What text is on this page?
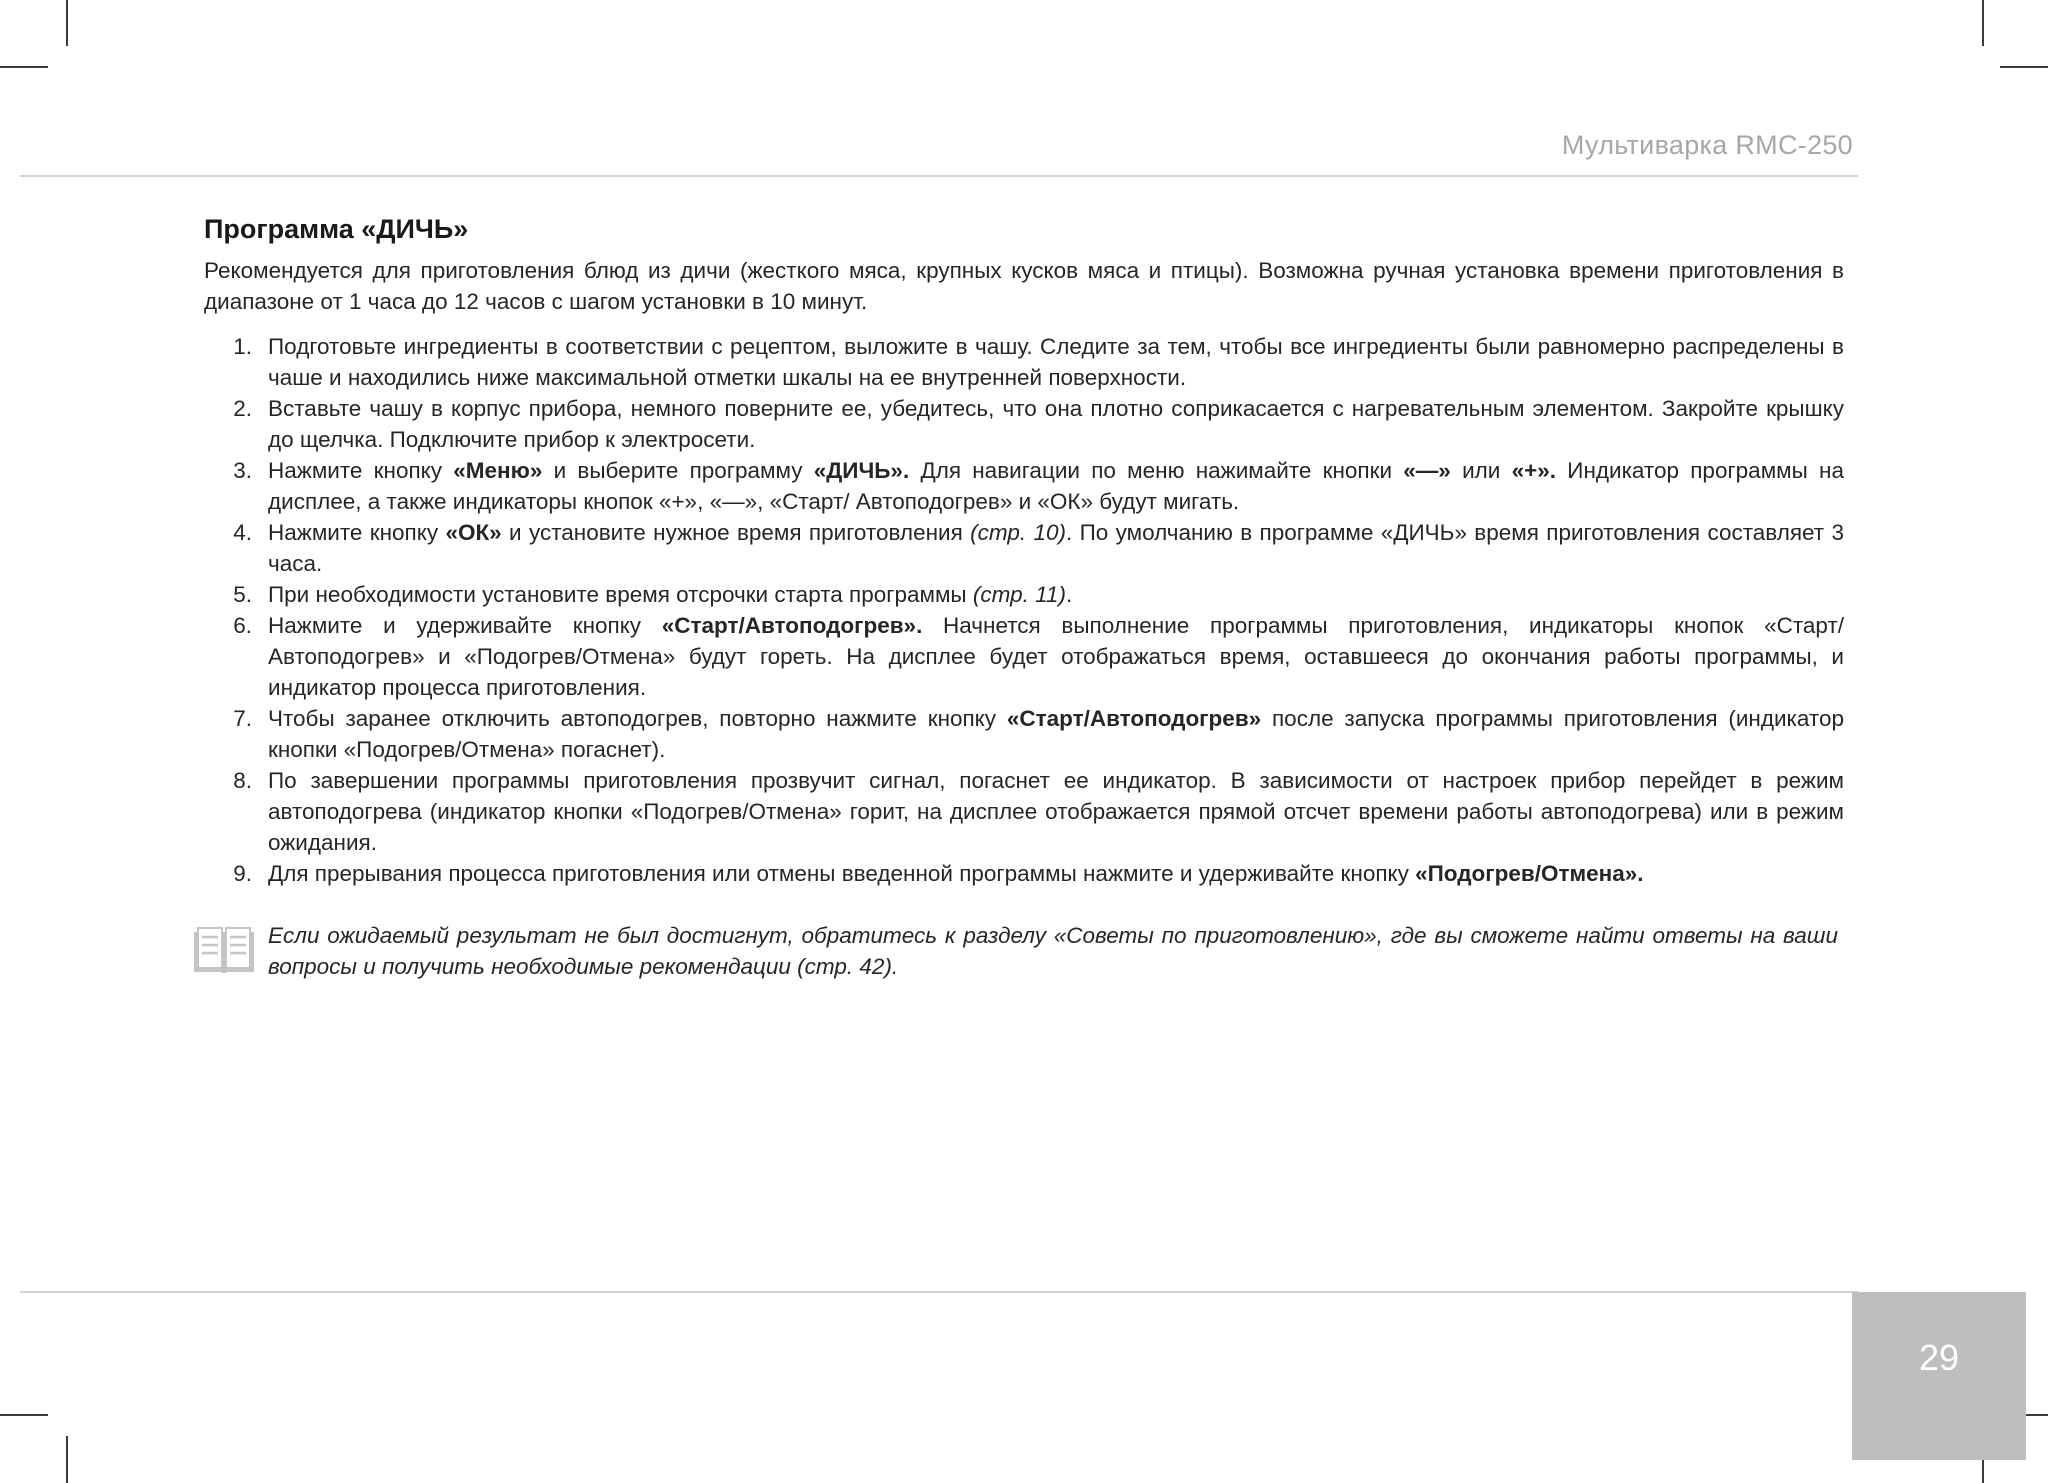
Мультиварка RMC-250
Программа «ДИЧЬ»

Рекомендуется для приготовления блюд из дичи (жесткого мяса, крупных кусков мяса и птицы). Возможна ручная установка времени приготовления в диапазоне от 1 часа до 12 часов с шагом установки в 10 минут.

1. Подготовьте ингредиенты в соответствии с рецептом, выложите в чашу. Следите за тем, чтобы все ингредиенты были равномерно распределены в чаше и находились ниже максимальной отметки шкалы на ее внутренней поверхности.
2. Вставьте чашу в корпус прибора, немного поверните ее, убедитесь, что она плотно соприкасается с нагревательным элементом. Закройте крышку до щелчка. Подключите прибор к электросети.
3. Нажмите кнопку «Меню» и выберите программу «ДИЧЬ». Для навигации по меню нажимайте кнопки «—» или «+». Индикатор программы на дисплее, а также индикаторы кнопок «+», «—», «Старт/ Автоподогрев» и «ОК» будут мигать.
4. Нажмите кнопку «ОК» и установите нужное время приготовления (стр. 10). По умолчанию в программе «ДИЧЬ» время приготовления составляет 3 часа.
5. При необходимости установите время отсрочки старта программы (стр. 11).
6. Нажмите и удерживайте кнопку «Старт/Автоподогрев». Начнется выполнение программы приготовления, индикаторы кнопок «Старт/ Автоподогрев» и «Подогрев/Отмена» будут гореть. На дисплее будет отображаться время, оставшееся до окончания работы программы, и индикатор процесса приготовления.
7. Чтобы заранее отключить автоподогрев, повторно нажмите кнопку «Старт/Автоподогрев» после запуска программы приготовления (индикатор кнопки «Подогрев/Отмена» погаснет).
8. По завершении программы приготовления прозвучит сигнал, погаснет ее индикатор. В зависимости от настроек прибор перейдет в режим автоподогрева (индикатор кнопки «Подогрев/Отмена» горит, на дисплее отображается прямой отсчет времени работы автоподогрева) или в режим ожидания.
9. Для прерывания процесса приготовления или отмены введенной программы нажмите и удерживайте кнопку «Подогрев/Отмена».
Если ожидаемый результат не был достигнут, обратитесь к разделу «Советы по приготовлению», где вы сможете найти ответы на ваши вопросы и получить необходимые рекомендации (стр. 42).
29
